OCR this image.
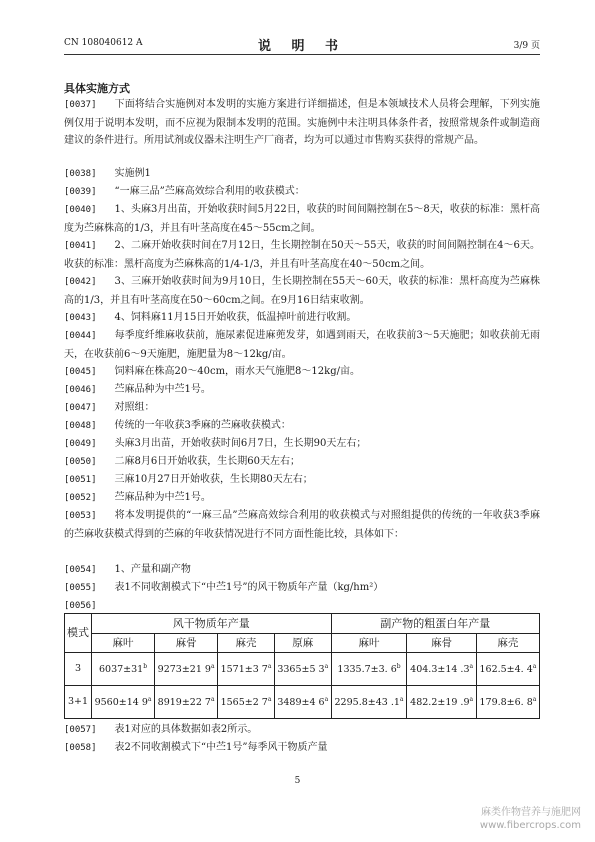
CN 108040612 A	说 明 书	3/9 页
具体实施方式
[0037] 下面将结合实施例对本发明的实施方案进行详细描述，但是本领域技术人员将会理解，下列实施例仅用于说明本发明，而不应视为限制本发明的范围。实施例中未注明具体条件者，按照常规条件或制造商建议的条件进行。所用试剂或仪器未注明生产厂商者，均为可以通过市售购买获得的常规产品。
[0038] 实施例1
[0039] “一麻三品”苎麻高效综合利用的收获模式：
[0040] 1、头麻3月出苗，开始收获时间5月22日，收获的时间间隔控制在5～8天，收获的标准：黑杆高度为苎麻株高的1/3，并且有叶茎高度在45～55cm之间。
[0041] 2、二麻开始收获时间在7月12日，生长期控制在50天～55天，收获的时间间隔控制在4～6天。收获的标准：黑杆高度为苎麻株高的1/4-1/3，并且有叶茎高度在40～50cm之间。
[0042] 3、三麻开始收获时间为9月10日，生长期控制在55天～60天，收获的标准：黑杆高度为苎麻株高的1/3，并且有叶茎高度在50～60cm之间。在9月16日结束收割。
[0043] 4、饲料麻11月15日开始收获，低温掉叶前进行收割。
[0044] 每季度纤维麻收获前，施尿素促进麻蔸发芽，如遇到雨天，在收获前3～5天施肥；如收获前无雨天，在收获前6～9天施肥，施肥量为8～12kg/亩。
[0045] 饲料麻在株高20～40cm，雨水天气施肥8～12kg/亩。
[0046] 苎麻品种为中苎1号。
[0047] 对照组：
[0048] 传统的一年收获3季麻的苎麻收获模式：
[0049] 头麻3月出苗，开始收获时间6月7日，生长期90天左右；
[0050] 二麻8月6日开始收获，生长期60天左右；
[0051] 三麻10月27日开始收获，生长期80天左右；
[0052] 苎麻品种为中苎1号。
[0053] 将本发明提供的“一麻三品”苎麻高效综合利用的收获模式与对照组提供的传统的一年收获3季麻的苎麻收获模式得到的苎麻的年收获情况进行不同方面性能比较，具体如下：
[0054] 1、产量和副产物
[0055] 表1不同收割模式下“中苎1号”的风干物质年产量（kg/hm²）
[0056]
模式	风干物质年产量				副产物的粗蛋白年产量		
	麻叶	麻骨	麻壳	原麻	麻叶	麻骨	麻壳
3	$6037\pm 31^b$	9273±21 9$^a$	1571±3 7$^a$	3365±5 3$^a$	1335.7±3. 6$^b$	404.3±14 .3$^a$	162.5±4. 4$^a$
3+1	9560±14 9$^a$	8919±22 7$^a$	1565±2 7$^a$	3489±4 6$^a$	2295.8±43 .1$^a$	482.2±19 .9$^a$	179.8±6. 8$^a$
[0057] 表1对应的具体数据如表2所示。
[0058] 表2不同收割模式下“中苎1号”每季风干物质产量
5
麻类作物营养与施肥网
www.fibercrops.com
